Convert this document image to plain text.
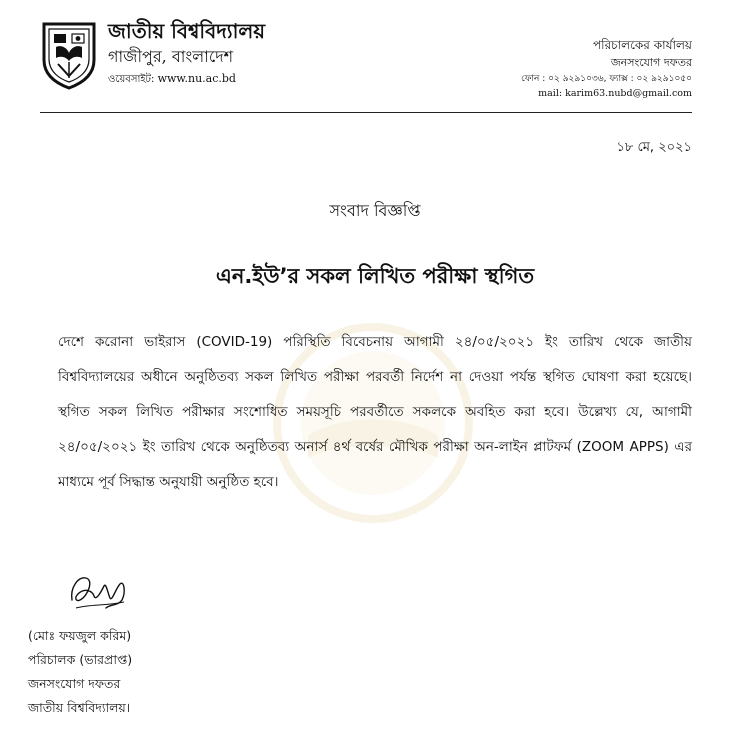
জাতীয় বিশ্ববিদ্যালয়
গাজীপুর, বাংলাদেশ
ওয়েবসাইট: www.nu.ac.bd
পরিচালকের কার্যালয়
জনসংযোগ দফতর
ফোন : ০২ ৯২৯১০৩৬, ফ্যাক্স : ০২ ৯২৯১০৫০
mail: karim63.nubd@gmail.com
১৮ মে, ২০২১
সংবাদ বিজ্ঞপ্তি
এন.ইউ’র সকল লিখিত পরীক্ষা স্থগিত

দেশে করোনা ভাইরাস (COVID-19) পরিস্থিতি বিবেচনায় আগামী ২৪/০৫/২০২১ ইং তারিখ থেকে জাতীয় বিশ্ববিদ্যালয়ের অধীনে অনুষ্ঠিতব্য সকল লিখিত পরীক্ষা পরবর্তী নির্দেশ না দেওয়া পর্যন্ত স্থগিত ঘোষণা করা হয়েছে। স্থগিত সকল লিখিত পরীক্ষার সংশোধিত সময়সূচি পরবর্তীতে সকলকে অবহিত করা হবে। উল্লেখ্য যে, আগামী ২৪/০৫/২০২১ ইং তারিখ থেকে অনুষ্ঠিতব্য অনার্স ৪র্থ বর্ষের মৌখিক পরীক্ষা অন-লাইন প্লাটফর্ম (ZOOM APPS) এর মাধ্যমে পূর্ব সিদ্ধান্ত অনুযায়ী অনুষ্ঠিত হবে।

(মোঃ ফয়জুল করিম)
পরিচালক (ভারপ্রাপ্ত)
জনসংযোগ দফতর
জাতীয় বিশ্ববিদ্যালয়।
